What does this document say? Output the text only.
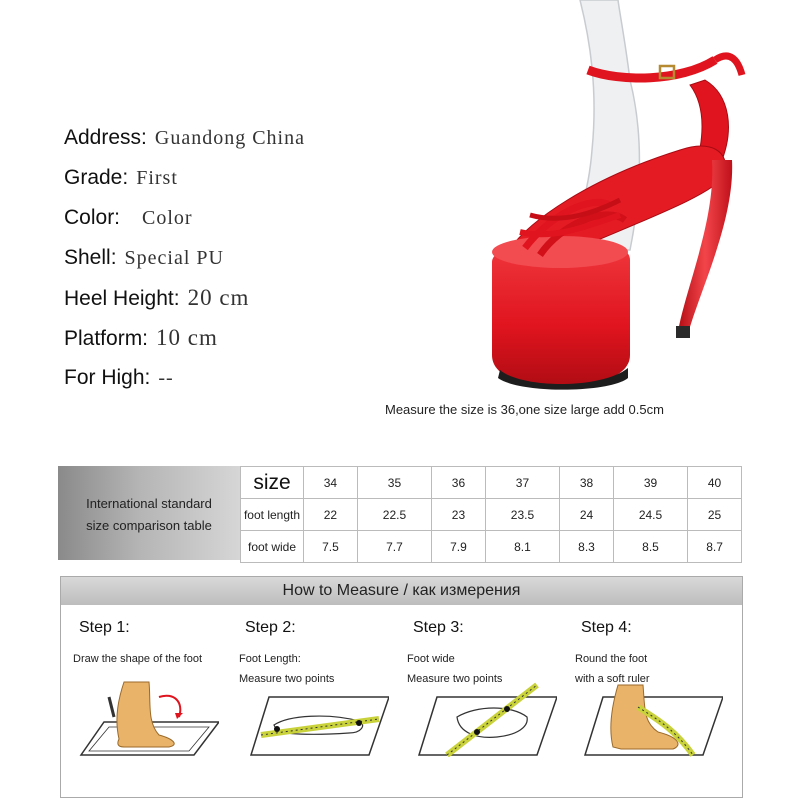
Address: Guandong China
Grade: First
Color: Color
Shell: Special PU
Heel Height: 20 cm
Platform: 10 cm
For High: --
Measure the size is 36,one size large add 0.5cm
International standard
size comparison table
size	34	35	36	37	38	39	40
foot length	22	22.5	23	23.5	24	24.5	25
foot wide	7.5	7.7	7.9	8.1	8.3	8.5	8.7
How to Measure / как измерения
Step 1:
Draw the shape of the foot
Step 2:
Foot Length:
Measure two points
Step 3:
Foot wide
Measure two points
Step 4:
Round the foot
with a soft ruler
